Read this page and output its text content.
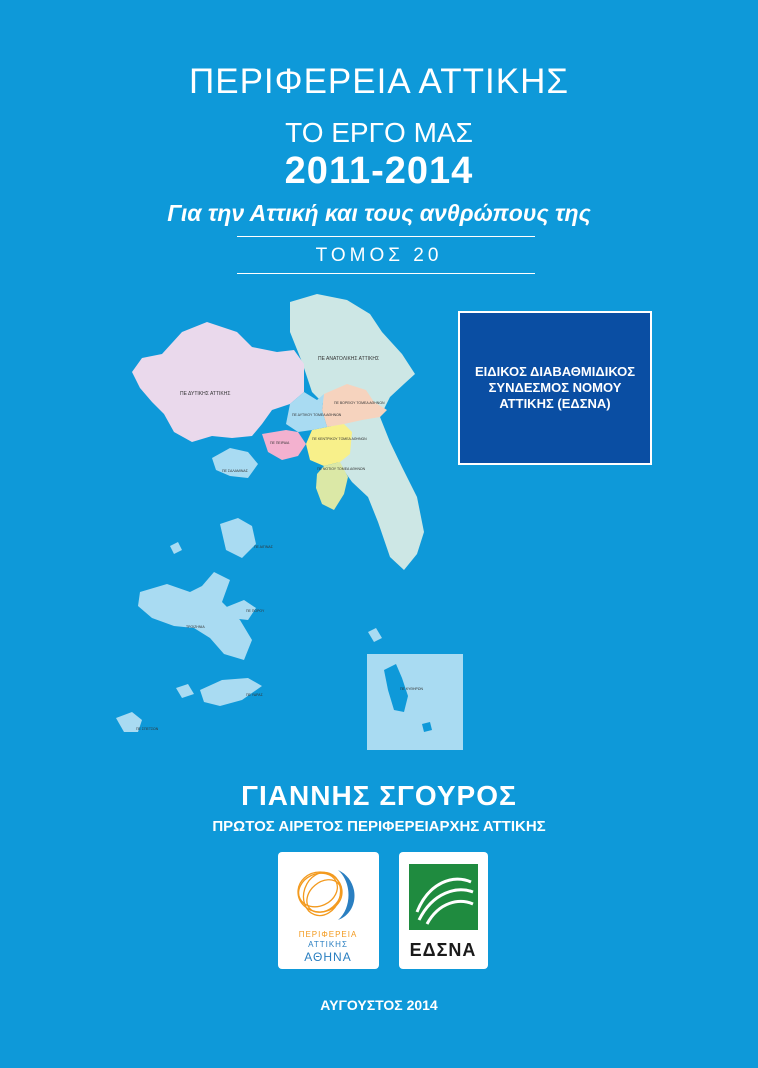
ΠΕΡΙΦΕΡΕΙΑ ΑΤΤΙΚΗΣ
ΤΟ ΕΡΓΟ ΜΑΣ
2011-2014
Για την Αττική και τους ανθρώπους της
ΤΟΜΟΣ 20
ΠΕ ΑΝΑΤΟΛΙΚΗΣ ΑΤΤΙΚΗΣ
ΠΕ ΔΥΤΙΚΗΣ ΑΤΤΙΚΗΣ
ΠΕ ΒΟΡΕΙΟΥ ΤΟΜΕΑ ΑΘΗΝΩΝ
ΠΕ ΚΕΝΤΡΙΚΟΥ ΤΟΜΕΑ ΑΘΗΝΩΝ
ΠΕ ΝΟΤΙΟΥ ΤΟΜΕΑ ΑΘΗΝΩΝ
ΠΕ ΔΥΤΙΚΟΥ ΤΟΜΕΑ ΑΘΗΝΩΝ
ΠΕ ΠΕΙΡΑΙΑ
ΠΕ ΣΑΛΑΜΙΝΑΣ
ΠΕ ΑΙΓΙΝΑΣ
ΤΡΟΙΖΗΝΙΑ
ΠΕ ΠΟΡΟΥ
ΠΕ ΥΔΡΑΣ
ΠΕ ΣΠΕΤΣΩΝ
ΠΕ ΚΥΘΗΡΩΝ
ΕΙΔΙΚΟΣ ΔΙΑΒΑΘΜΙΔΙΚΟΣ ΣΥΝΔΕΣΜΟΣ ΝΟΜΟΥ ΑΤΤΙΚΗΣ (ΕΔΣΝΑ)
ΓΙΑΝΝΗΣ ΣΓΟΥΡΟΣ
ΠΡΩΤΟΣ ΑΙΡΕΤΟΣ ΠΕΡΙΦΕΡΕΙΑΡΧΗΣ ΑΤΤΙΚΗΣ
ΠΕΡΙΦΕΡΕΙΑ
ΑΤΤΙΚΗΣ
ΑΘΗΝΑ	ΕΔΣΝΑ
ΑΥΓΟΥΣΤΟΣ 2014
